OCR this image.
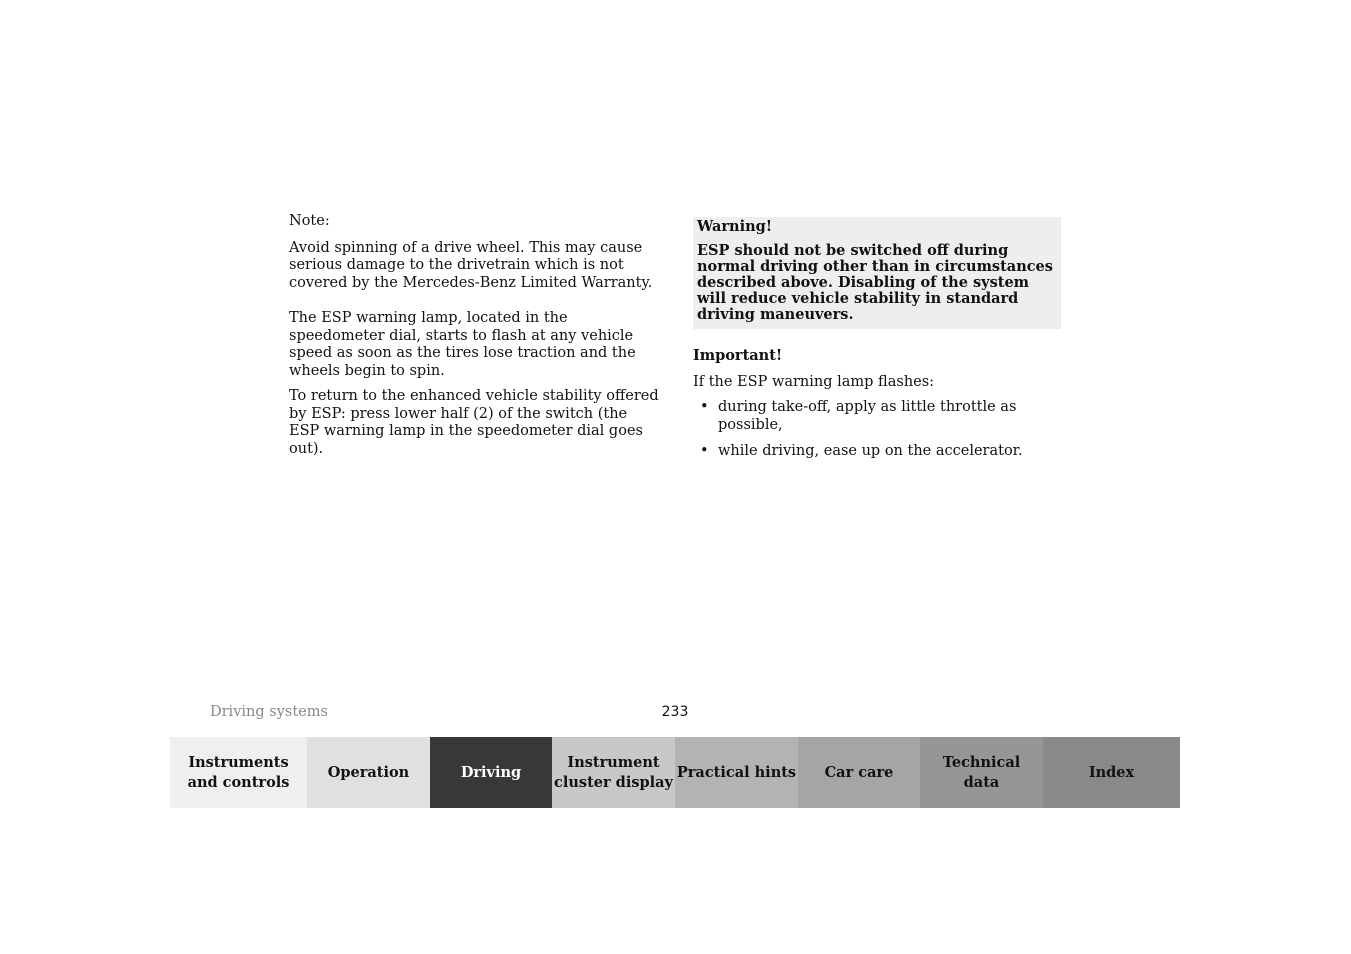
Note:

Avoid spinning of a drive wheel. This may cause serious damage to the drivetrain which is not covered by the Mercedes-Benz Limited Warranty.

The ESP warning lamp, located in the speedometer dial, starts to flash at any vehicle speed as soon as the tires lose traction and the wheels begin to spin.

To return to the enhanced vehicle stability offered by ESP: press lower half (2) of the switch (the ESP warning lamp in the speedometer dial goes out).

Warning!

ESP should not be switched off during normal driving other than in circumstances described above. Disabling of the system will reduce vehicle stability in standard driving maneuvers.

Important!

If the ESP warning lamp flashes:

• during take-off, apply as little throttle as possible,
• while driving, ease up on the accelerator.
Driving systems	233
Instruments
and controls
Operation	Driving
Instrument
cluster display
Practical hints	Car care
Technical
data
Index
